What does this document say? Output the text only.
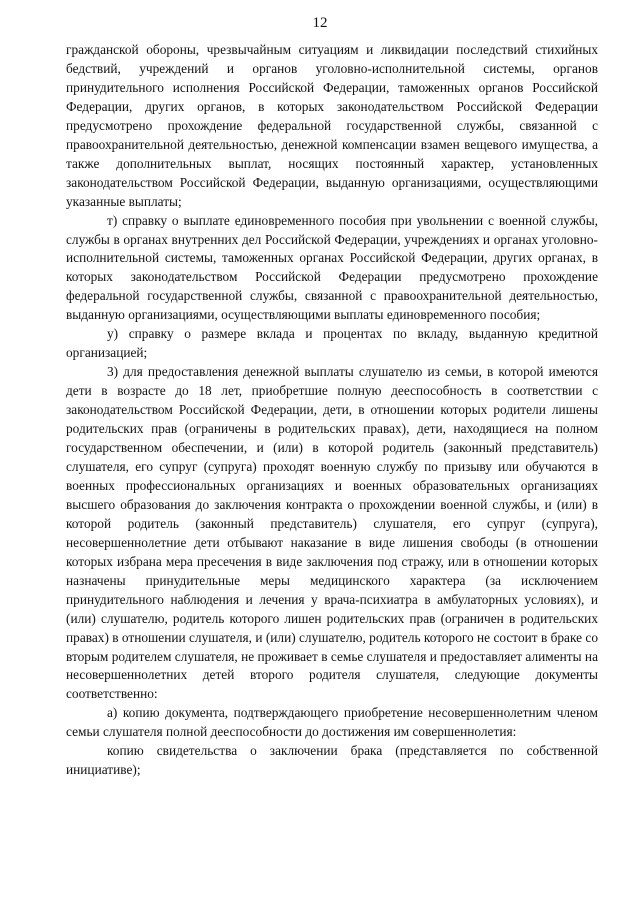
12

гражданской обороны, чрезвычайным ситуациям и ликвидации последствий стихийных бедствий, учреждений и органов уголовно-исполнительной системы, органов принудительного исполнения Российской Федерации, таможенных органов Российской Федерации, других органов, в которых законодательством Российской Федерации предусмотрено прохождение федеральной государственной службы, связанной с правоохранительной деятельностью, денежной компенсации взамен вещевого имущества, а также дополнительных выплат, носящих постоянный характер, установленных законодательством Российской Федерации, выданную организациями, осуществляющими указанные выплаты;

т) справку о выплате единовременного пособия при увольнении с военной службы, службы в органах внутренних дел Российской Федерации, учреждениях и органах уголовно-исполнительной системы, таможенных органах Российской Федерации, других органах, в которых законодательством Российской Федерации предусмотрено прохождение федеральной государственной службы, связанной с правоохранительной деятельностью, выданную организациями, осуществляющими выплаты единовременного пособия;

у) справку о размере вклада и процентах по вкладу, выданную кредитной организацией;

3) для предоставления денежной выплаты слушателю из семьи, в которой имеются дети в возрасте до 18 лет, приобретшие полную дееспособность в соответствии с законодательством Российской Федерации, дети, в отношении которых родители лишены родительских прав (ограничены в родительских правах), дети, находящиеся на полном государственном обеспечении, и (или) в которой родитель (законный представитель) слушателя, его супруг (супруга) проходят военную службу по призыву или обучаются в военных профессиональных организациях и военных образовательных организациях высшего образования до заключения контракта о прохождении военной службы, и (или) в которой родитель (законный представитель) слушателя, его супруг (супруга), несовершеннолетние дети отбывают наказание в виде лишения свободы (в отношении которых избрана мера пресечения в виде заключения под стражу, или в отношении которых назначены принудительные меры медицинского характера (за исключением принудительного наблюдения и лечения у врача-психиатра в амбулаторных условиях), и (или) слушателю, родитель которого лишен родительских прав (ограничен в родительских правах) в отношении слушателя, и (или) слушателю, родитель которого не состоит в браке со вторым родителем слушателя, не проживает в семье слушателя и предоставляет алименты на несовершеннолетних детей второго родителя слушателя, следующие документы соответственно:

а) копию документа, подтверждающего приобретение несовершеннолетним членом семьи слушателя полной дееспособности до достижения им совершеннолетия:

копию свидетельства о заключении брака (представляется по собственной инициативе);
